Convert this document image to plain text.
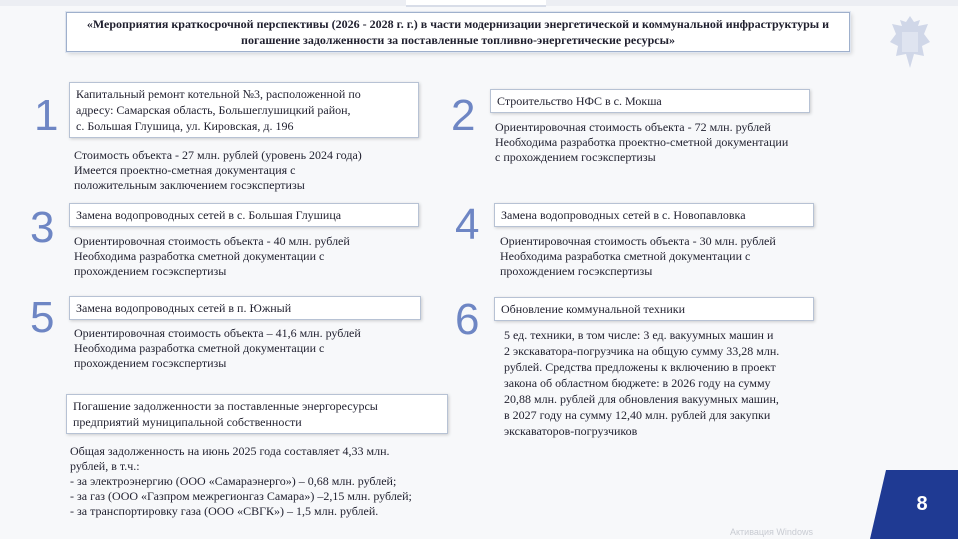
«Мероприятия краткосрочной перспективы (2026 - 2028 г. г.) в части модернизации энергетической и коммунальной инфраструктуры и погашение задолженности за поставленные топливно-энергетические ресурсы»
1 Капитальный ремонт котельной №3, расположенной по
адресу: Самарская область, Большеглушицкий район,
с. Большая Глушица, ул. Кировская, д. 196
Стоимость объекта - 27 млн. рублей (уровень 2024 года)
Имеется проектно-сметная документация с
положительным заключением госэкспертизы
2 Строительство НФС в с. Мокша
Ориентировочная стоимость объекта - 72 млн. рублей
Необходима разработка проектно-сметной документации
с прохождением госэкспертизы
3 Замена водопроводных сетей в с. Большая Глушица
Ориентировочная стоимость объекта - 40 млн. рублей
Необходима разработка сметной документации с
прохождением госэкспертизы
4 Замена водопроводных сетей в с. Новопавловка
Ориентировочная стоимость объекта - 30 млн. рублей
Необходима разработка сметной документации с
прохождением госэкспертизы
5 Замена водопроводных сетей в п. Южный
Ориентировочная стоимость объекта – 41,6 млн. рублей
Необходима разработка сметной документации с
прохождением госэкспертизы
6 Обновление коммунальной техники
5 ед. техники, в том числе: 3 ед. вакуумных машин и
2 экскаватора-погрузчика на общую сумму 33,28 млн.
рублей. Средства предложены к включению в проект
закона об областном бюджете: в 2026 году на сумму
20,88 млн. рублей для обновления вакуумных машин,
в 2027 году на сумму 12,40 млн. рублей для закупки
экскаваторов-погрузчиков
Погашение задолженности за поставленные энергоресурсы
предприятий муниципальной собственности
Общая задолженность на июнь 2025 года составляет 4,33 млн.
рублей, в т.ч.:
- за электроэнергию (ООО «Самараэнерго») – 0,68 млн. рублей;
- за газ (ООО «Газпром межрегионгаз Самара») –2,15 млн. рублей;
- за транспортировку газа (ООО «СВГК») – 1,5 млн. рублей.	8
Активация Windows
